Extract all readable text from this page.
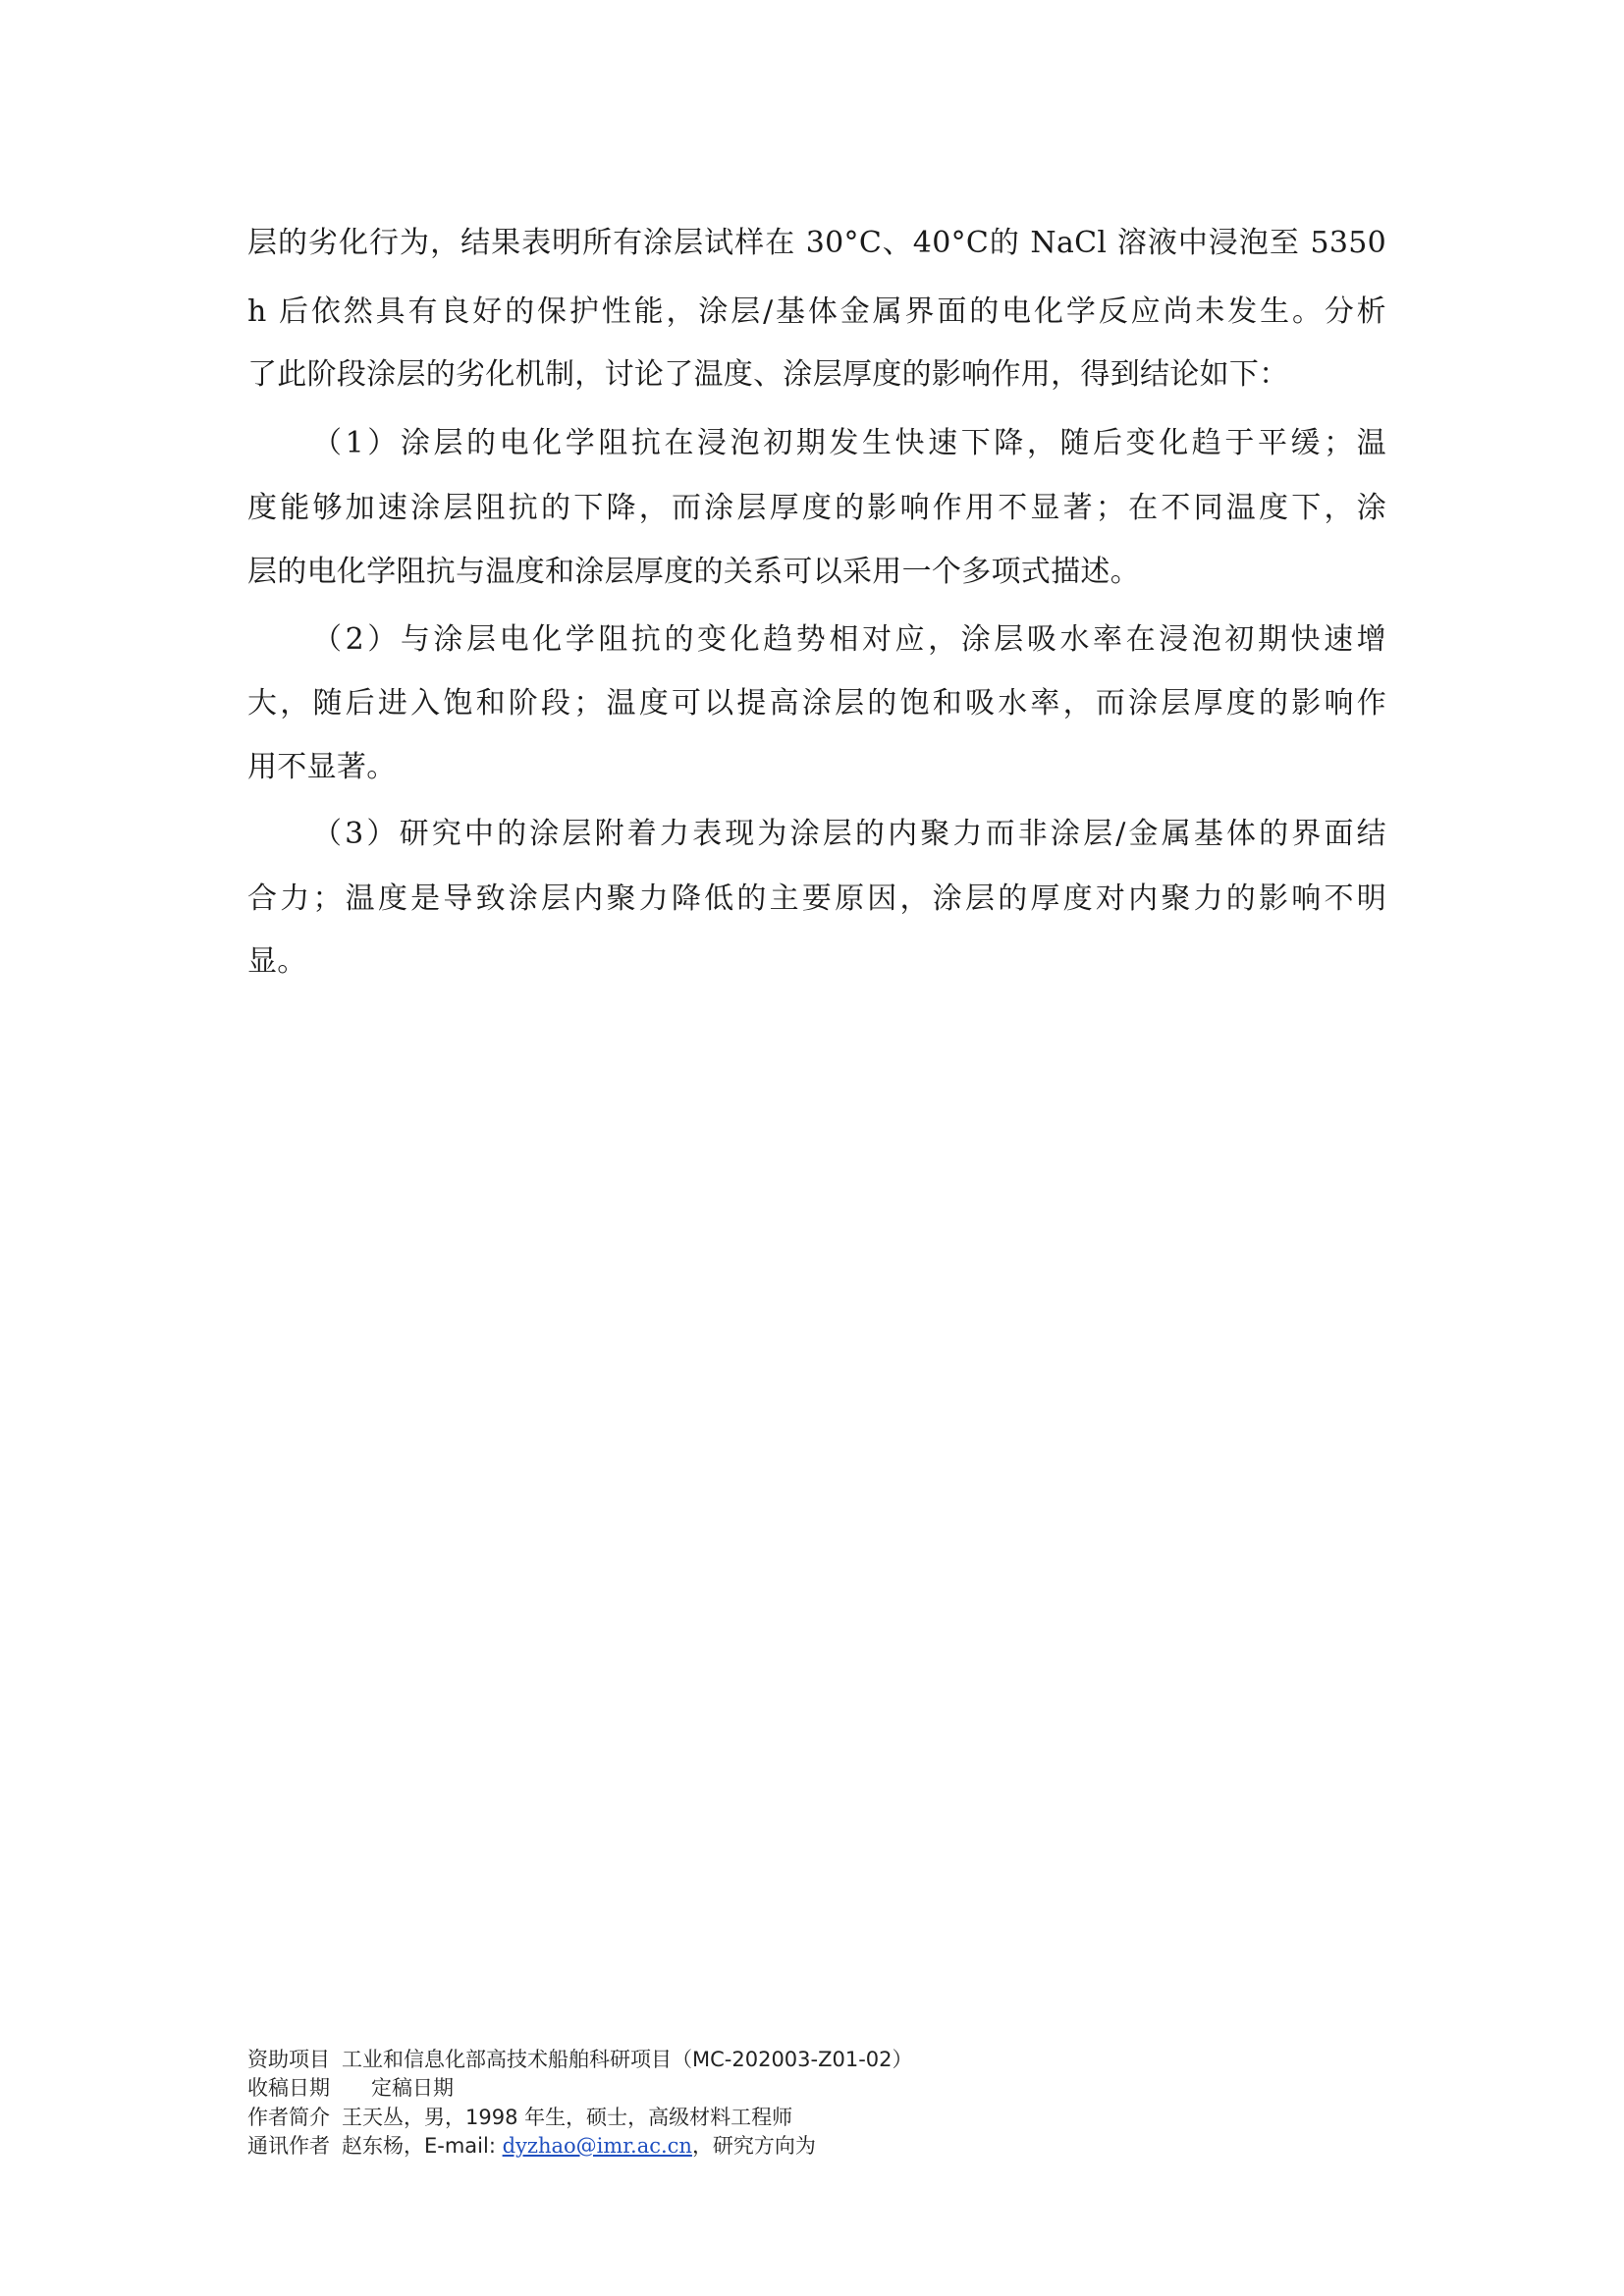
层的劣化行为，结果表明所有涂层试样在 30°C、40°C的 NaCl 溶液中浸泡至 5350
h 后依然具有良好的保护性能，涂层/基体金属界面的电化学反应尚未发生。分析
了此阶段涂层的劣化机制，讨论了温度、涂层厚度的影响作用，得到结论如下：
（1）涂层的电化学阻抗在浸泡初期发生快速下降，随后变化趋于平缓；温
度能够加速涂层阻抗的下降，而涂层厚度的影响作用不显著；在不同温度下，涂
层的电化学阻抗与温度和涂层厚度的关系可以采用一个多项式描述。
（2）与涂层电化学阻抗的变化趋势相对应，涂层吸水率在浸泡初期快速增
大，随后进入饱和阶段；温度可以提高涂层的饱和吸水率，而涂层厚度的影响作
用不显著。
（3）研究中的涂层附着力表现为涂层的内聚力而非涂层/金属基体的界面结
合力；温度是导致涂层内聚力降低的主要原因，涂层的厚度对内聚力的影响不明
显。
资助项目 工业和信息化部高技术船舶科研项目（MC-202003-Z01-02）
收稿日期 定稿日期
作者简介 王天丛，男，1998 年生，硕士，高级材料工程师
通讯作者 赵东杨，E-mail: dyzhao@imr.ac.cn，研究方向为
